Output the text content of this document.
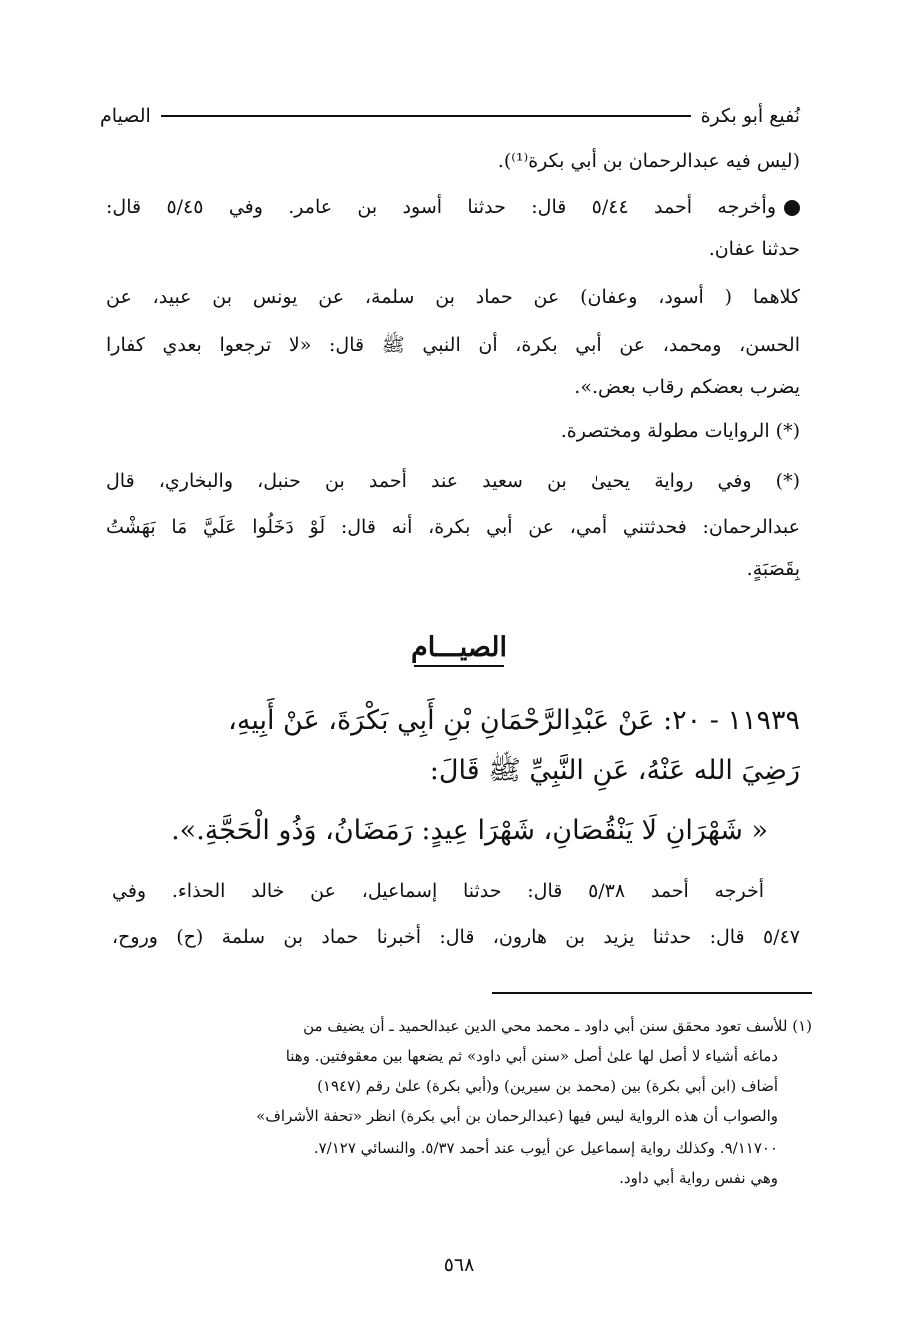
الصيام	نُفيع أبو بكرة
(ليس فيه عبدالرحمان بن أبي بكرة⁽¹⁾).
وأخرجه أحمد ٥/٤٤ قال: حدثنا أسود بن عامر. وفي ٥/٤٥ قال:
حدثنا عفان.
كلاهما ( أسود، وعفان) عن حماد بن سلمة، عن يونس بن عبيد، عن
الحسن، ومحمد، عن أبي بكرة، أن النبي ﷺ قال: «لا ترجعوا بعدي كفارا
يضرب بعضكم رقاب بعض.».
(*) الروايات مطولة ومختصرة.
(*) وفي رواية يحيىٰ بن سعيد عند أحمد بن حنبل، والبخاري، قال
عبدالرحمان: فحدثتني أمي، عن أبي بكرة، أنه قال: لَوْ دَخَلُوا عَلَيَّ مَا بَهَشْتُ
بِقَصَبَةٍ.
الصيـــام
١١٩٣٩ - ٢٠: عَنْ عَبْدِالرَّحْمَانِ بْنِ أَبِي بَكْرَةَ، عَنْ أَبِيهِ،
رَضِيَ الله عَنْهُ، عَنِ النَّبِيِّ ﷺ قَالَ:
« شَهْرَانِ لَا يَنْقُصَانِ، شَهْرَا عِيدٍ: رَمَضَانُ، وَذُو الْحَجَّةِ.».
أخرجه أحمد ٥/٣٨ قال: حدثنا إسماعيل، عن خالد الحذاء. وفي
٥/٤٧ قال: حدثنا يزيد بن هارون، قال: أخبرنا حماد بن سلمة (ح) وروح،
(١) للأسف تعود محقق سنن أبي داود ـ محمد محي الدين عبدالحميد ـ أن يضيف من
دماغه أشياء لا أصل لها علىٰ أصل «سنن أبي داود» ثم يضعها بين معقوفتين. وهنا
أضاف (ابن أبي بكرة) بين (محمد بن سيرين) و(أبي بكرة) علىٰ رقم (١٩٤٧)
والصواب أن هذه الرواية ليس فيها (عبدالرحمان بن أبي بكرة) انظر «تحفة الأشراف»
٩/١١٧٠٠. وكذلك رواية إسماعيل عن أيوب عند أحمد ٥/٣٧. والنسائي ٧/١٢٧.
وهي نفس رواية أبي داود.
٥٦٨
